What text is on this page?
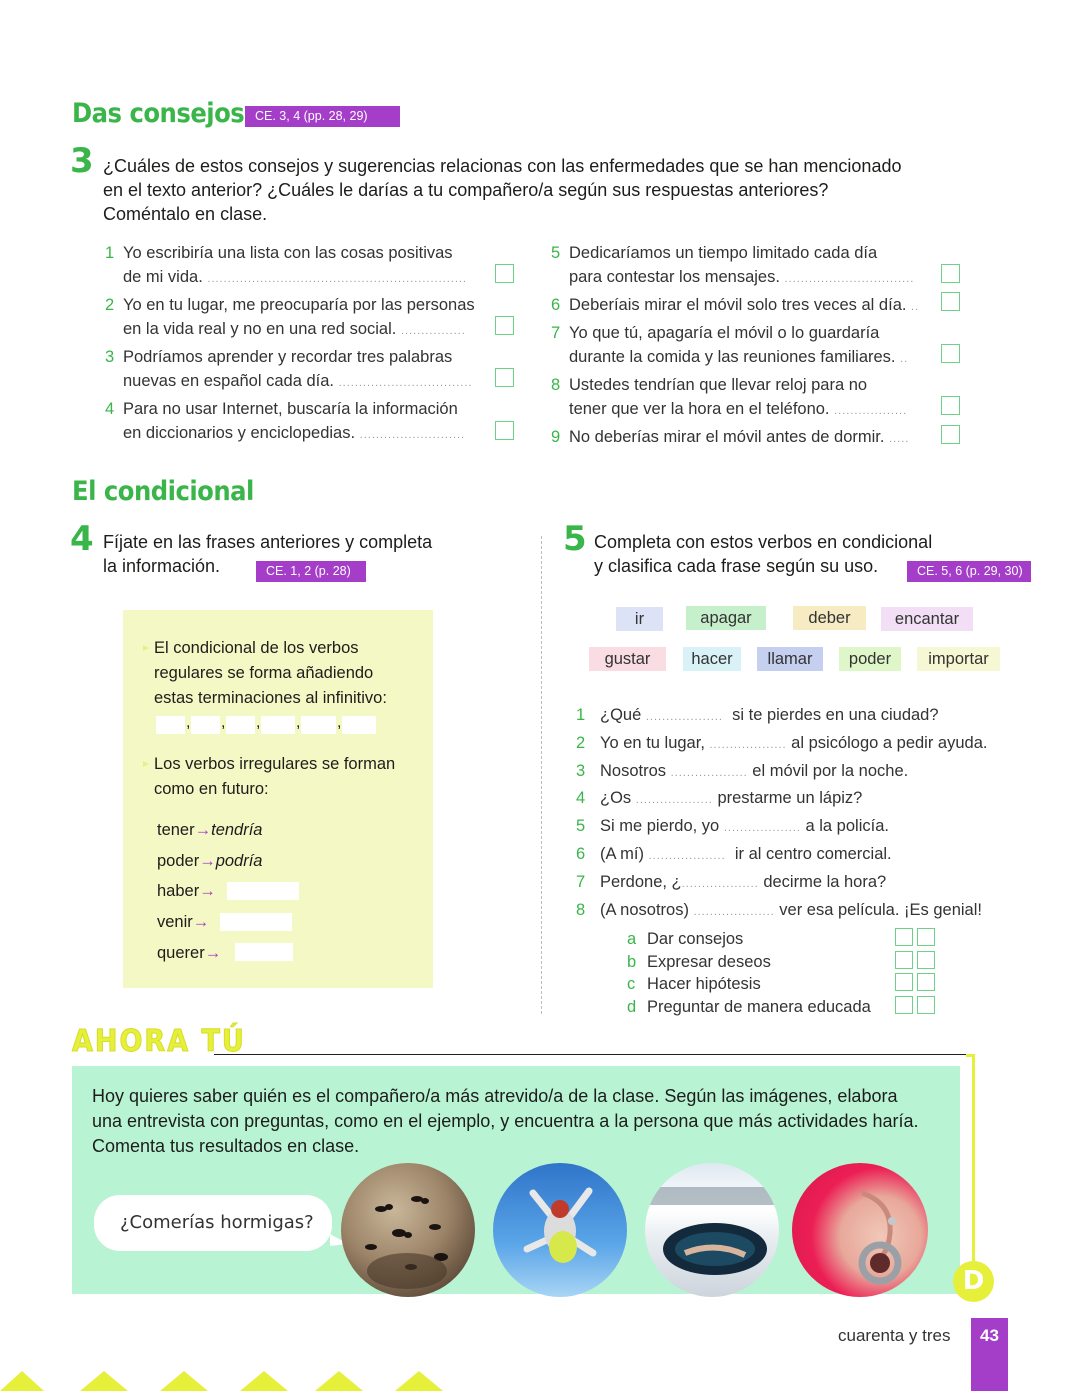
Das consejos CE. 3, 4 (pp. 28, 29)
3 ¿Cuáles de estos consejos y sugerencias relacionas con las enfermedades que se han mencionado
en el texto anterior? ¿Cuáles le darías a tu compañero/a según sus respuestas anteriores?
Coméntalo en clase.
1 Yo escribiría una lista con las cosas positivas
de mi vida. ................................................................
2 Yo en tu lugar, me preocuparía por las personas
en la vida real y no en una red social. ................
3 Podríamos aprender y recordar tres palabras
nuevas en español cada día. .................................
4 Para no usar Internet, buscaría la información
en diccionarios y enciclopedias. ..........................
5 Dedicaríamos un tiempo limitado cada día
para contestar los mensajes. ................................
6 Deberíais mirar el móvil solo tres veces al día. ..
7 Yo que tú, apagaría el móvil o lo guardaría
durante la comida y las reuniones familiares. ..
8 Ustedes tendrían que llevar reloj para no
tener que ver la hora en el teléfono. ..................
9 No deberías mirar el móvil antes de dormir. .....
El condicional
4 Fíjate en las frases anteriores y completa
la información.	CE. 1, 2 (p. 28)
► El condicional de los verbos
regulares se forma añadiendo
estas terminaciones al infinitivo:
, , , , ,
► Los verbos irregulares se forman
como en futuro:
tener→tendría
poder→podría
haber→
venir→
querer→
5 Completa con estos verbos en condicional
y clasifica cada frase según su uso.	CE. 5, 6 (p. 29, 30)
ir	apagar	deber	encantar
gustar	hacer	llamar	poder	importar
1 ¿Qué ................... si te pierdes en una ciudad?
2 Yo en tu lugar, ................... al psicólogo a pedir ayuda.
3 Nosotros ................... el móvil por la noche.
4 ¿Os ................... prestarme un lápiz?
5 Si me pierdo, yo ................... a la policía.
6 (A mí) ................... ir al centro comercial.
7 Perdone, ¿................... decirme la hora?
8 (A nosotros) .................... ver esa película. ¡Es genial!
a Dar consejos
b Expresar deseos
c Hacer hipótesis
d Preguntar de manera educada
AHORA TÚ
Hoy quieres saber quién es el compañero/a más atrevido/a de la clase. Según las imágenes, elabora
una entrevista con preguntas, como en el ejemplo, y encuentra a la persona que más actividades haría.
Comenta tus resultados en clase.
¿Comerías hormigas?
D
cuarenta y tres	43
